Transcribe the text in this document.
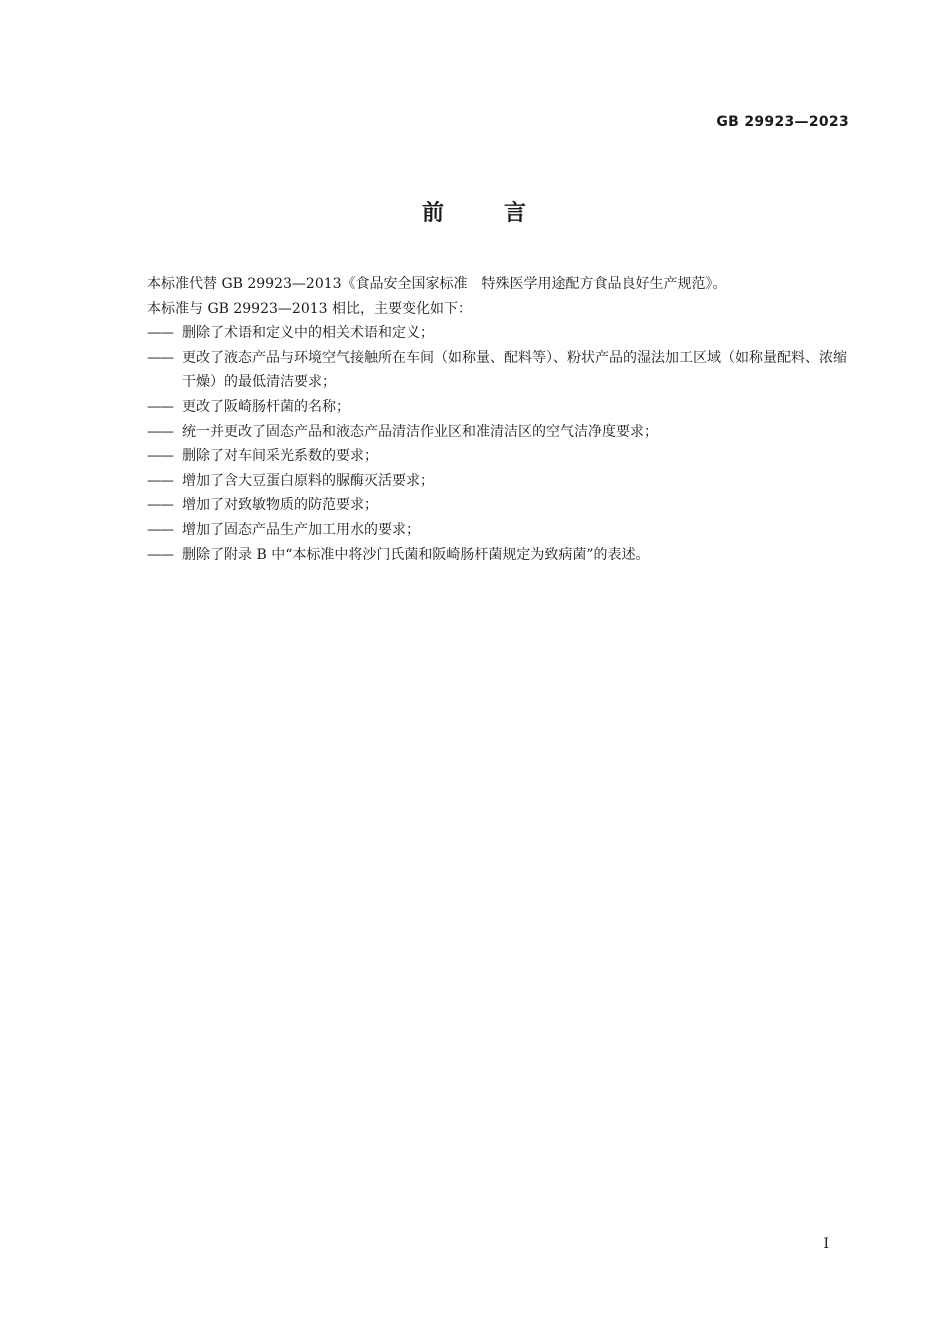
GB 29923—2023
前	言

本标准代替 GB 29923—2013《食品安全国家标准　特殊医学用途配方食品良好生产规范》。

本标准与 GB 29923—2013 相比，主要变化如下：

—— 删除了术语和定义中的相关术语和定义；
—— 更改了液态产品与环境空气接触所在车间（如称量、配料等）、粉状产品的湿法加工区域（如称量配料、浓缩干燥）的最低清洁要求；
—— 更改了阪崎肠杆菌的名称；
—— 统一并更改了固态产品和液态产品清洁作业区和准清洁区的空气洁净度要求；
—— 删除了对车间采光系数的要求；
—— 增加了含大豆蛋白原料的脲酶灭活要求；
—— 增加了对致敏物质的防范要求；
—— 增加了固态产品生产加工用水的要求；
—— 删除了附录 B 中“本标准中将沙门氏菌和阪崎肠杆菌规定为致病菌”的表述。
Ⅰ
